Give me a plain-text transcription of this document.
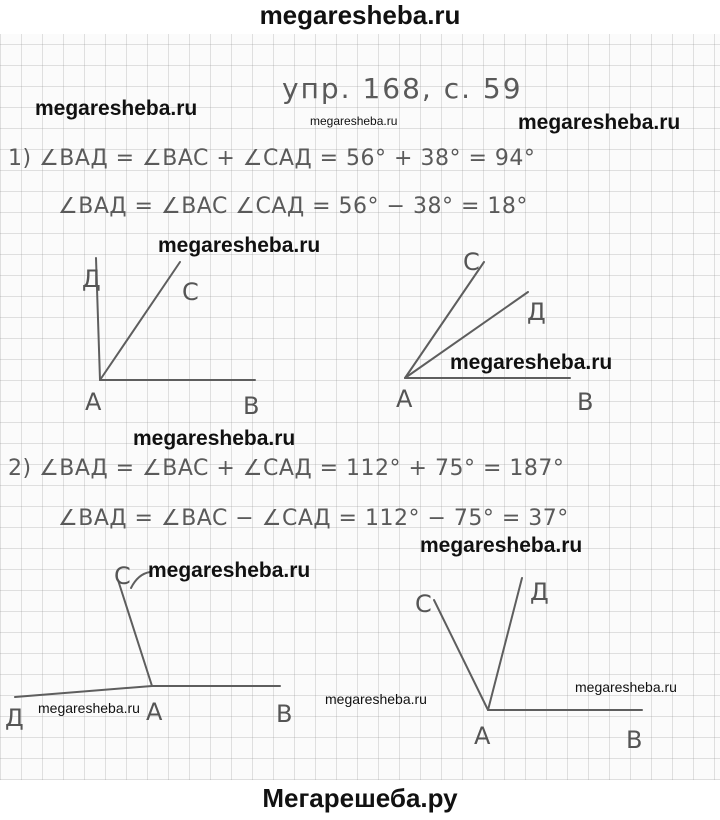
megaresheba.ru
упр. 168, с. 59
1) ∠BAД = ∠BAC + ∠CAД = 56° + 38° = 94°
∠BAД = ∠BAC ∠CAД = 56° − 38° = 18°
2) ∠BAД = ∠BAC + ∠CAД = 112° + 75° = 187°
∠BAД = ∠BAC − ∠CAД = 112° − 75° = 37°
Д	C
A	B
C
Д
A	B
C
Д	A	B
C	Д
A	B
megaresheba.ru
megaresheba.ru	megaresheba.ru
megaresheba.ru
megaresheba.ru
megaresheba.ru
megaresheba.ru
megaresheba.ru
megaresheba.ru
megaresheba.ru
megaresheba.ru
Мегарешеба.ру
